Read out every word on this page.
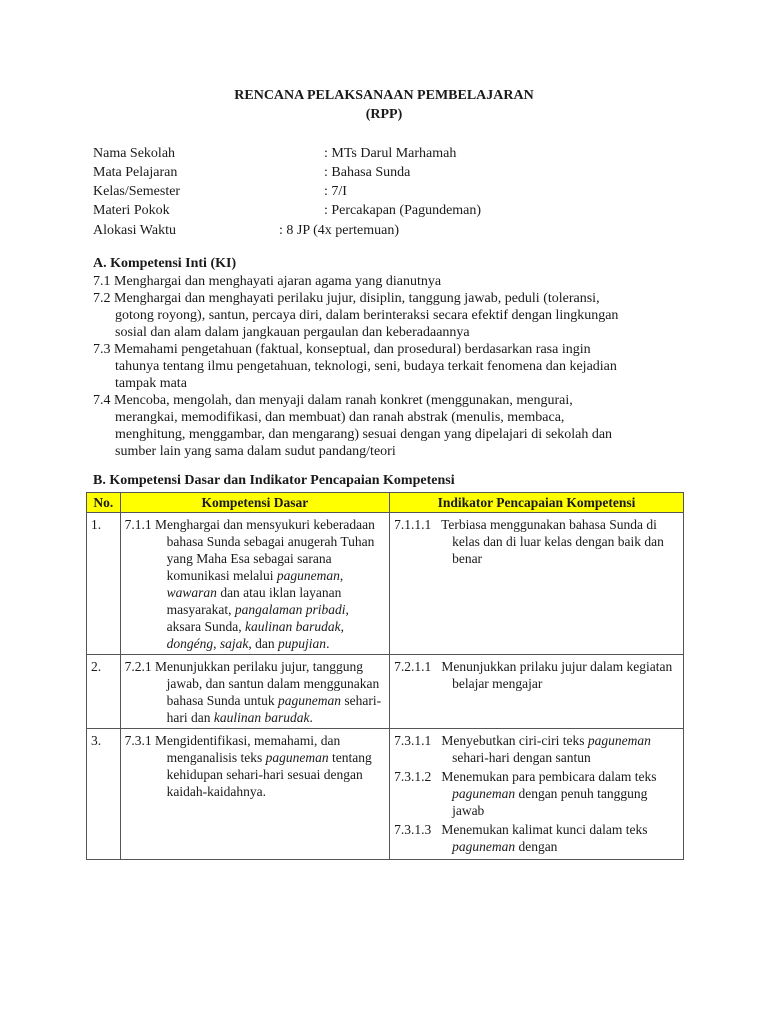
RENCANA PELAKSANAAN PEMBELAJARAN
(RPP)
Nama Sekolah	: MTs Darul Marhamah
Mata Pelajaran	: Bahasa Sunda
Kelas/Semester	: 7/I
Materi Pokok	: Percakapan (Pagundeman)
Alokasi Waktu	: 8 JP (4x pertemuan)
A. Kompetensi Inti (KI)
7.1 Menghargai dan menghayati ajaran agama yang dianutnya
7.2 Menghargai dan menghayati perilaku jujur, disiplin, tanggung jawab, peduli (toleransi,
gotong royong), santun, percaya diri, dalam berinteraksi secara efektif dengan lingkungan
sosial dan alam dalam jangkauan pergaulan dan keberadaannya
7.3 Memahami pengetahuan (faktual, konseptual, dan prosedural) berdasarkan rasa ingin
tahunya tentang ilmu pengetahuan, teknologi, seni, budaya terkait fenomena dan kejadian
tampak mata
7.4 Mencoba, mengolah, dan menyaji dalam ranah konkret (menggunakan, mengurai,
merangkai, memodifikasi, dan membuat) dan ranah abstrak (menulis, membaca,
menghitung, menggambar, dan mengarang) sesuai dengan yang dipelajari di sekolah dan
sumber lain yang sama dalam sudut pandang/teori
B. Kompetensi Dasar dan Indikator Pencapaian Kompetensi
No.	Kompetensi Dasar	Indikator Pencapaian Kompetensi
1.	7.1.1 Menghargai dan mensyukuri keberadaan bahasa Sunda sebagai anugerah Tuhan yang Maha Esa sebagai sarana komunikasi melalui paguneman, wawaran dan atau iklan layanan masyarakat, pangalaman pribadi, aksara Sunda, kaulinan barudak, dongéng, sajak, dan pupujian.	7.1.1.1 Terbiasa menggunakan bahasa Sunda di kelas dan di luar kelas dengan baik dan benar

2.	7.2.1 Menunjukkan perilaku jujur, tanggung jawab, dan santun dalam menggunakan bahasa Sunda untuk paguneman sehari-hari dan kaulinan barudak.	7.2.1.1 Menunjukkan prilaku jujur dalam kegiatan belajar mengajar

3.	7.3.1 Mengidentifikasi, memahami, dan menganalisis teks paguneman tentang kehidupan sehari-hari sesuai dengan kaidah-kaidahnya.	7.3.1.1 Menyebutkan ciri-ciri teks paguneman sehari-hari dengan santun
7.3.1.2 Menemukan para pembicara dalam teks paguneman dengan penuh tanggung jawab
7.3.1.3 Menemukan kalimat kunci dalam teks paguneman dengan
